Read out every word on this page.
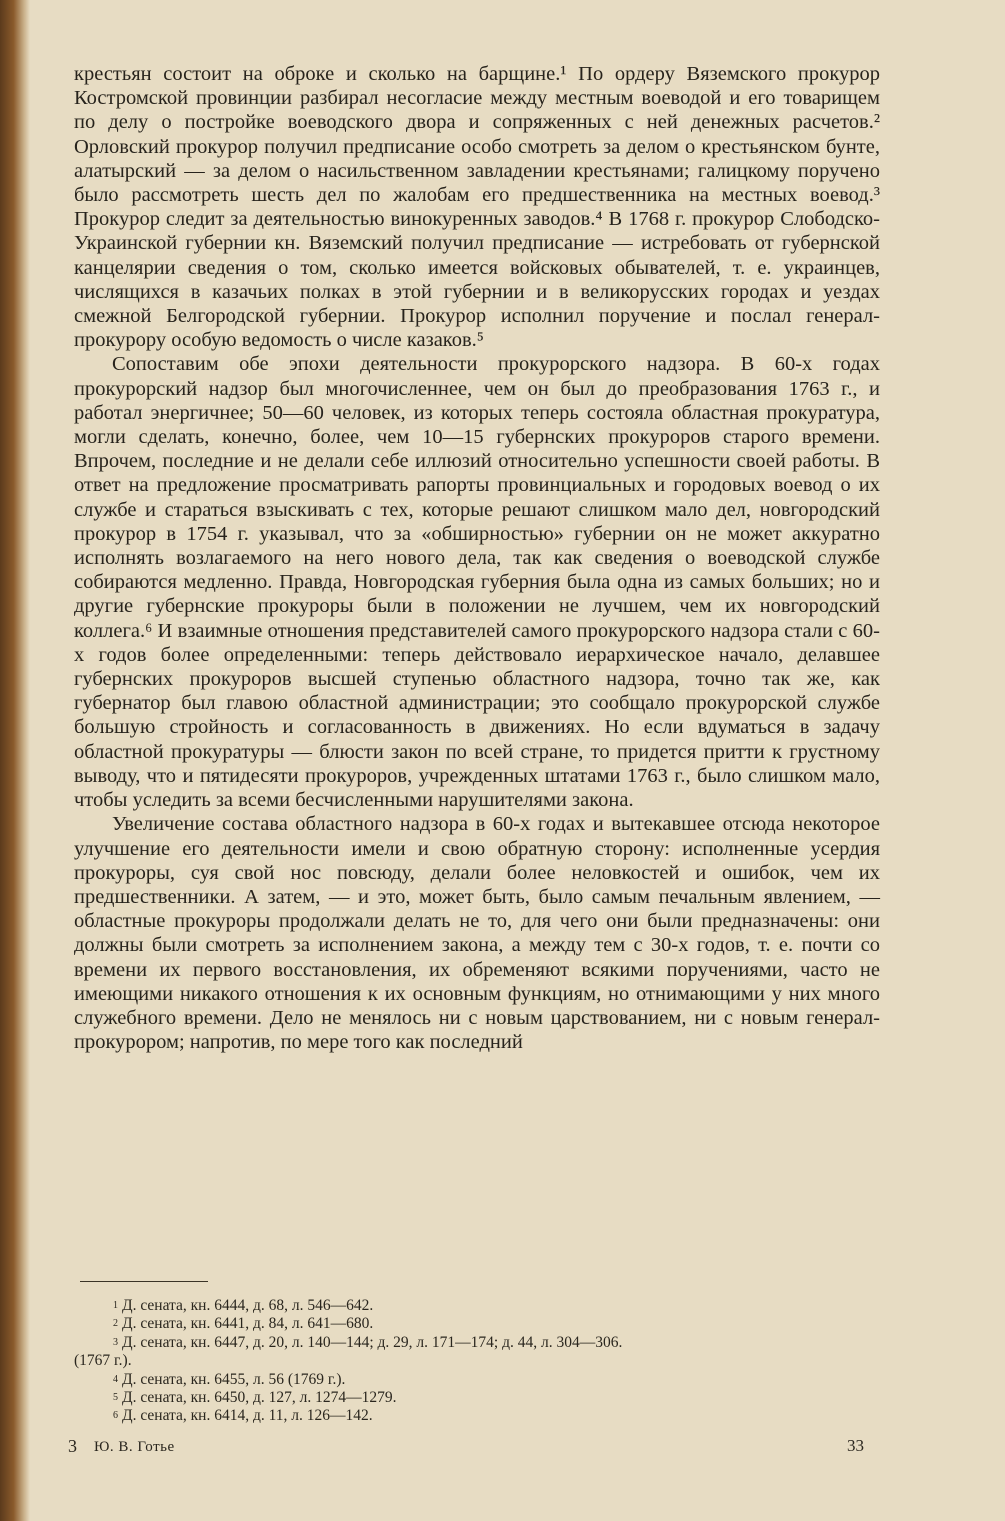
крестьян состоит на оброке и сколько на барщине.¹ По ордеру Вяземского прокурор Костромской провинции разбирал несогласие между местным воеводой и его товарищем по делу о постройке воеводского двора и сопряженных с ней денежных расчетов.² Орловский прокурор получил предписание особо смотреть за делом о крестьянском бунте, алатырский — за делом о насильственном завладении крестьянами; галицкому поручено было рассмотреть шесть дел по жалобам его предшественника на местных воевод.³ Прокурор следит за деятельностью винокуренных заводов.⁴ В 1768 г. прокурор Слободско-Украинской губернии кн. Вяземский получил предписание — истребовать от губернской канцелярии сведения о том, сколько имеется войсковых обывателей, т. е. украинцев, числящихся в казачьих полках в этой губернии и в великорусских городах и уездах смежной Белгородской губернии. Прокурор исполнил поручение и послал генерал-прокурору особую ведомость о числе казаков.⁵

Сопоставим обе эпохи деятельности прокурорского надзора. В 60-х годах прокурорский надзор был многочисленнее, чем он был до преобразования 1763 г., и работал энергичнее; 50—60 человек, из которых теперь состояла областная прокуратура, могли сделать, конечно, более, чем 10—15 губернских прокуроров старого времени. Впрочем, последние и не делали себе иллюзий относительно успешности своей работы. В ответ на предложение просматривать рапорты провинциальных и городовых воевод о их службе и стараться взыскивать с тех, которые решают слишком мало дел, новгородский прокурор в 1754 г. указывал, что за «обширностью» губернии он не может аккуратно исполнять возлагаемого на него нового дела, так как сведения о воеводской службе собираются медленно. Правда, Новгородская губерния была одна из самых больших; но и другие губернские прокуроры были в положении не лучшем, чем их новгородский коллега.⁶ И взаимные отношения представителей самого прокурорского надзора стали с 60-х годов более определенными: теперь действовало иерархическое начало, делавшее губернских прокуроров высшей ступенью областного надзора, точно так же, как губернатор был главою областной администрации; это сообщало прокурорской службе большую стройность и согласованность в движениях. Но если вдуматься в задачу областной прокуратуры — блюсти закон по всей стране, то придется притти к грустному выводу, что и пятидесяти прокуроров, учрежденных штатами 1763 г., было слишком мало, чтобы уследить за всеми бесчисленными нарушителями закона.

Увеличение состава областного надзора в 60-х годах и вытекавшее отсюда некоторое улучшение его деятельности имели и свою обратную сторону: исполненные усердия прокуроры, суя свой нос повсюду, делали более неловкостей и ошибок, чем их предшественники. А затем, — и это, может быть, было самым печальным явлением, — областные прокуроры продолжали делать не то, для чего они были предназначены: они должны были смотреть за исполнением закона, а между тем с 30-х годов, т. е. почти со времени их первого восстановления, их обременяют всякими поручениями, часто не имеющими никакого отношения к их основным функциям, но отнимающими у них много служебного времени. Дело не менялось ни с новым царствованием, ни с новым генерал-прокурором; напротив, по мере того как последний

1 Д. сената, кн. 6444, д. 68, л. 546—642.
2 Д. сената, кн. 6441, д. 84, л. 641—680.
3 Д. сената, кн. 6447, д. 20, л. 140—144; д. 29, л. 171—174; д. 44, л. 304—306.
(1767 г.).
4 Д. сената, кн. 6455, л. 56 (1769 г.).
5 Д. сената, кн. 6450, д. 127, л. 1274—1279.
6 Д. сената, кн. 6414, д. 11, л. 126—142.
3 Ю. В. Готье	33
